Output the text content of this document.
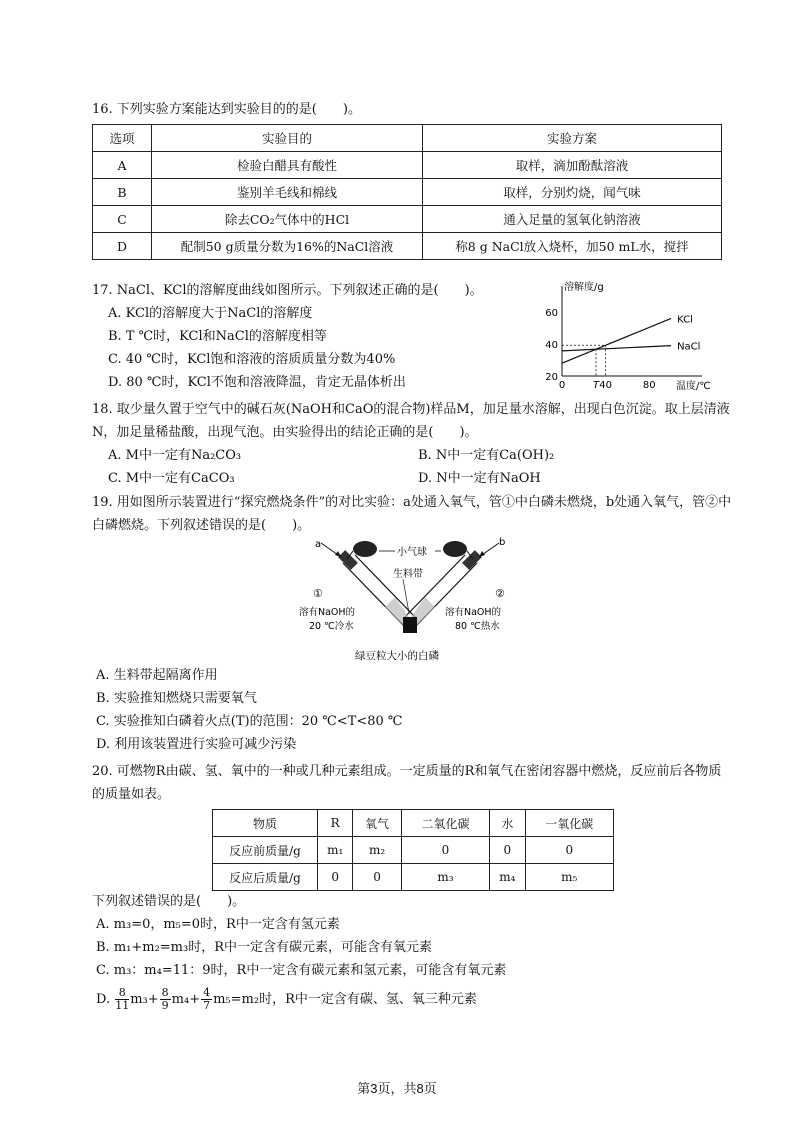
16. 下列实验方案能达到实验目的的是(　　)。
选项	实验目的	实验方案
A	检验白醋具有酸性	取样，滴加酚酞溶液
B	鉴别羊毛线和棉线	取样，分别灼烧，闻气味
C	除去CO₂气体中的HCl	通入足量的氢氧化钠溶液
D	配制50 g质量分数为16%的NaCl溶液	称8 g NaCl放入烧杯，加50 mL水，搅拌
17. NaCl、KCl的溶解度曲线如图所示。下列叙述正确的是(　　)。
A. KCl的溶解度大于NaCl的溶解度
B. T ℃时，KCl和NaCl的溶解度相等
C. 40 ℃时，KCl饱和溶液的溶质质量分数为40%
D. 80 ℃时，KCl不饱和溶液降温，肯定无晶体析出
溶解度/g
温度/℃
20
40
60
0	T 40	80
KCl
NaCl
18. 取少量久置于空气中的碱石灰(NaOH和CaO的混合物)样品M，加足量水溶解，出现白色沉淀。取上层清液N，加足量稀盐酸，出现气泡。由实验得出的结论正确的是(　　)。
A. M中一定有Na₂CO₃	B. N中一定有Ca(OH)₂
C. M中一定有CaCO₃	D. N中一定有NaOH
19. 用如图所示装置进行“探究燃烧条件”的对比实验：a处通入氧气，管①中白磷未燃烧，b处通入氧气，管②中白磷燃烧。下列叙述错误的是(　　)。
a	b
小气球
生料带
①	②
溶有NaOH的
20 ℃冷水
溶有NaOH的
80 ℃热水
绿豆粒大小的白磷
A. 生料带起隔离作用
B. 实验推知燃烧只需要氧气
C. 实验推知白磷着火点(T)的范围：20 ℃<T<80 ℃
D. 利用该装置进行实验可减少污染
20. 可燃物R由碳、氢、氧中的一种或几种元素组成。一定质量的R和氧气在密闭容器中燃烧，反应前后各物质的质量如表。
物质	R	氧气	二氧化碳	水	一氧化碳
反应前质量/g	m₁	m₂	0	0	0
反应后质量/g	0	0	m₃	m₄	m₅
下列叙述错误的是(　　)。
A. m₃=0，m₅=0时，R中一定含有氢元素
B. m₁+m₂=m₃时，R中一定含有碳元素，可能含有氧元素
C. m₃：m₄=11：9时，R中一定含有碳元素和氢元素，可能含有氧元素
D. $\frac{8}{11} m_3+ \frac{8}{9} m_4+ \frac{4}{7} m_5=m_2$时，R中一定含有碳、氢、氧三种元素
第3页，共8页
